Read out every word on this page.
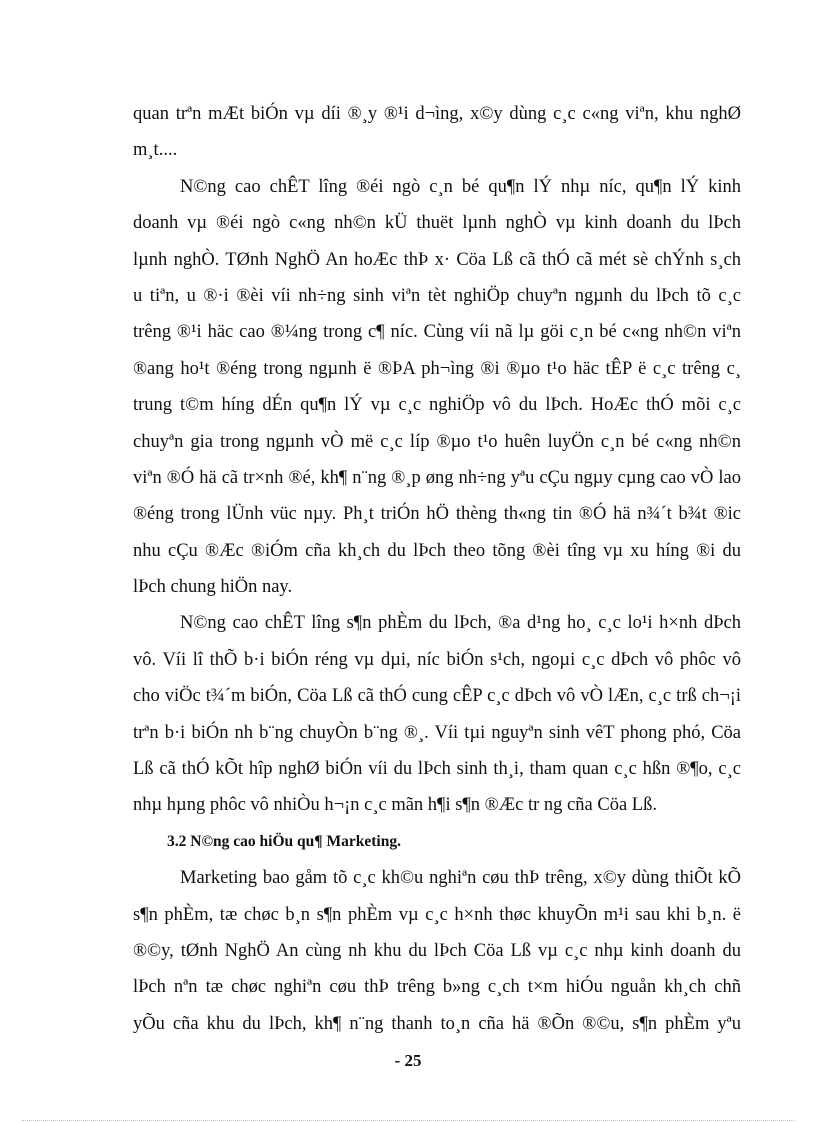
quan trªn mÆt biÓn vµ díi ®¸y ®¹i d¬ìng, x©y dùng c¸c c«ng viªn, khu nghØ
m¸t....
N©ng cao chÊT lîng ®éi ngò c¸n bé qu¶n lÝ nhµ níc, qu¶n lÝ kinh
doanh vµ ®éi ngò c«ng nh©n kÜ thuët lµnh nghÒ vµ kinh doanh du lÞch
lµnh nghÒ. TØnh NghÖ An hoÆc thÞ x· Cöa Lß cã thÓ cã mét sè chÝnh s¸ch
u tiªn, u ®·i ®èi víi nh÷ng sinh viªn tèt nghiÖp chuyªn ngµnh du lÞch tõ c¸c
trêng ®¹i häc cao ®¼ng trong c¶ níc. Cùng víi nã lµ göi c¸n bé c«ng nh©n viªn
®ang ho¹t ®éng trong ngµnh ë ®ÞA ph¬ìng ®i ®µo t¹o häc tÊP ë c¸c trêng c¸
trung t©m híng dÉn qu¶n lÝ vµ c¸c nghiÖp vô du lÞch. HoÆc thÓ mõi c¸c
chuyªn gia trong ngµnh vÒ më c¸c líp ®µo t¹o huên luyÖn c¸n bé c«ng nh©n
viªn ®Ó hä cã tr×nh ®é, kh¶ n¨ng ®¸p øng nh÷ng yªu cÇu ngµy cµng cao vÒ lao
®éng trong lÜnh vüc nµy. Ph¸t triÓn hÖ thèng th«ng tin ®Ó hä n¾´t b¾t ®ic
nhu cÇu ®Æc ®iÓm cña kh¸ch du lÞch theo tõng ®èi tîng vµ xu híng ®i du
lÞch chung hiÖn nay.
N©ng cao chÊT lîng s¶n phÈm du lÞch, ®a d¹ng ho¸ c¸c lo¹i h×nh dÞch
vô. Víi lî thÕ b·i biÓn réng vµ dµi, níc biÓn s¹ch, ngoµi c¸c dÞch vô phôc vô
cho viÖc t¾´m biÓn, Cöa Lß cã thÓ cung cÊP c¸c dÞch vô vÒ lÆn, c¸c trß ch¬¡i
trªn b·i biÓn nh b¨ng chuyÒn b¨ng ®¸. Víi tµi nguyªn sinh vêT phong phó, Cöa
Lß cã thÓ kÕt hîp nghØ biÓn víi du lÞch sinh th¸i, tham quan c¸c hßn ®¶o, c¸c
nhµ hµng phôc vô nhiÒu h¬¡n c¸c mãn h¶i s¶n ®Æc tr ng cña Cöa Lß.
3.2 N©ng cao hiÖu qu¶ Marketing.
Marketing bao gåm tõ c¸c kh©u nghiªn cøu thÞ trêng, x©y dùng thiÕt kÕ
s¶n phÈm, tæ chøc b¸n s¶n phÈm vµ c¸c h×nh thøc khuyÕn m¹i sau khi b¸n. ë
®©y, tØnh NghÖ An cùng nh khu du lÞch Cöa Lß vµ c¸c nhµ kinh doanh du
lÞch nªn tæ chøc nghiªn cøu thÞ trêng b»ng c¸ch t×m hiÓu nguån kh¸ch chñ
yÕu cña khu du lÞch, kh¶ n¨ng thanh to¸n cña hä ®Õn ®©u, s¶n phÈm yªu
- 25
